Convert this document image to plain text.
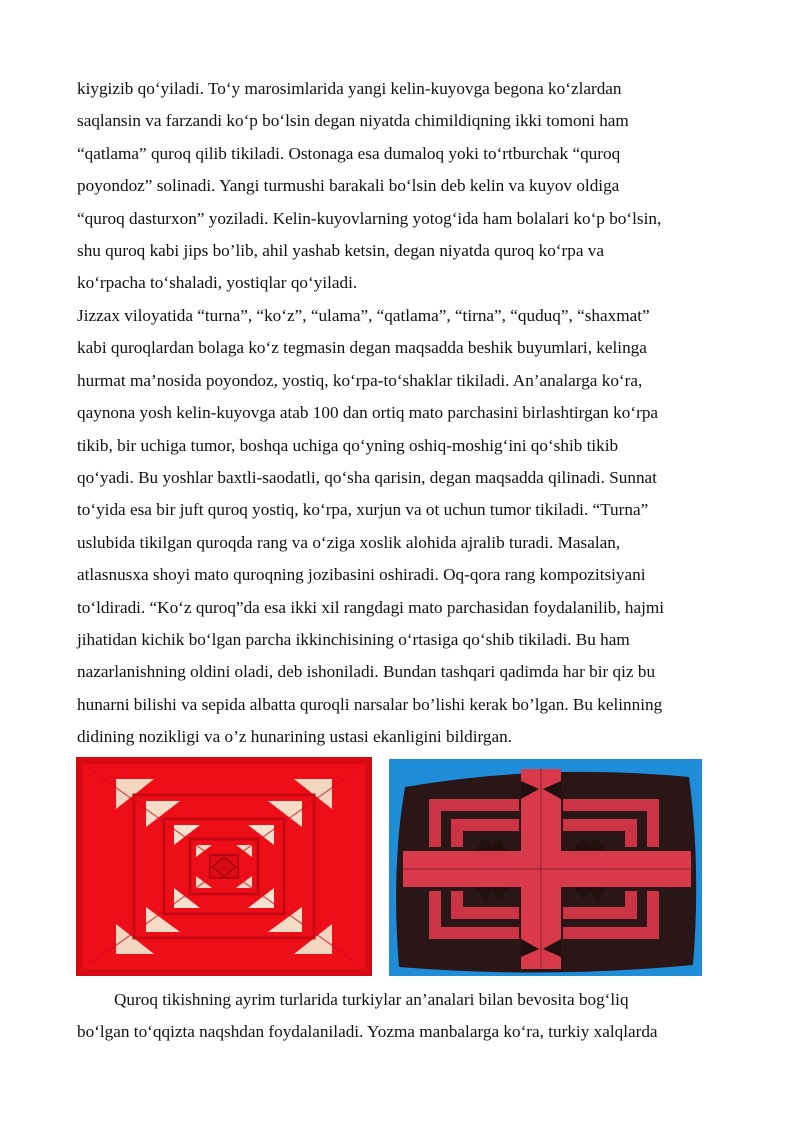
kiygizib qo‘yiladi. To‘y marosimlarida yangi kelin-kuyovga begona ko‘zlardan
saqlansin va farzandi ko‘p bo‘lsin degan niyatda chimildiqning ikki tomoni ham
“qatlama” quroq qilib tikiladi. Ostonaga esa dumaloq yoki to‘rtburchak “quroq
poyondoz” solinadi. Yangi turmushi barakali bo‘lsin deb kelin va kuyov oldiga
“quroq dasturxon” yoziladi. Kelin-kuyovlarning yotog‘ida ham bolalari ko‘p bo‘lsin,
shu quroq kabi jips bo’lib, ahil yashab ketsin, degan niyatda quroq ko‘rpa va
ko‘rpacha to‘shaladi, yostiqlar qo‘yiladi.
Jizzax viloyatida “turna”, “ko‘z”, “ulama”, “qatlama”, “tirna”, “quduq”, “shaxmat”
kabi quroqlardan bolaga ko‘z tegmasin degan maqsadda beshik buyumlari, kelinga
hurmat ma’nosida poyondoz, yostiq, ko‘rpa-to‘shaklar tikiladi. An’analarga ko‘ra,
qaynona yosh kelin-kuyovga atab 100 dan ortiq mato parchasini birlashtirgan ko‘rpa
tikib, bir uchiga tumor, boshqa uchiga qo‘yning oshiq-moshig‘ini qo‘shib tikib
qo‘yadi. Bu yoshlar baxtli-saodatli, qo‘sha qarisin, degan maqsadda qilinadi. Sunnat
to‘yida esa bir juft quroq yostiq, ko‘rpa, xurjun va ot uchun tumor tikiladi. “Turna”
uslubida tikilgan quroqda rang va o‘ziga xoslik alohida ajralib turadi. Masalan,
atlasnusxa shoyi mato quroqning jozibasini oshiradi. Oq-qora rang kompozitsiyani
to‘ldiradi. “Ko‘z quroq”da esa ikki xil rangdagi mato parchasidan foydalanilib, hajmi
jihatidan kichik bo‘lgan parcha ikkinchisining o‘rtasiga qo‘shib tikiladi. Bu ham
nazarlanishning oldini oladi, deb ishoniladi. Bundan tashqari qadimda har bir qiz bu
hunarni bilishi va sepida albatta quroqli narsalar bo’lishi kerak bo’lgan. Bu kelinning
didining nozikligi va o’z hunarining ustasi ekanligini bildirgan.
Quroq tikishning ayrim turlarida turkiylar an’analari bilan bevosita bog‘liq
bo‘lgan to‘qqizta naqshdan foydalaniladi. Yozma manbalarga ko‘ra, turkiy xalqlarda
